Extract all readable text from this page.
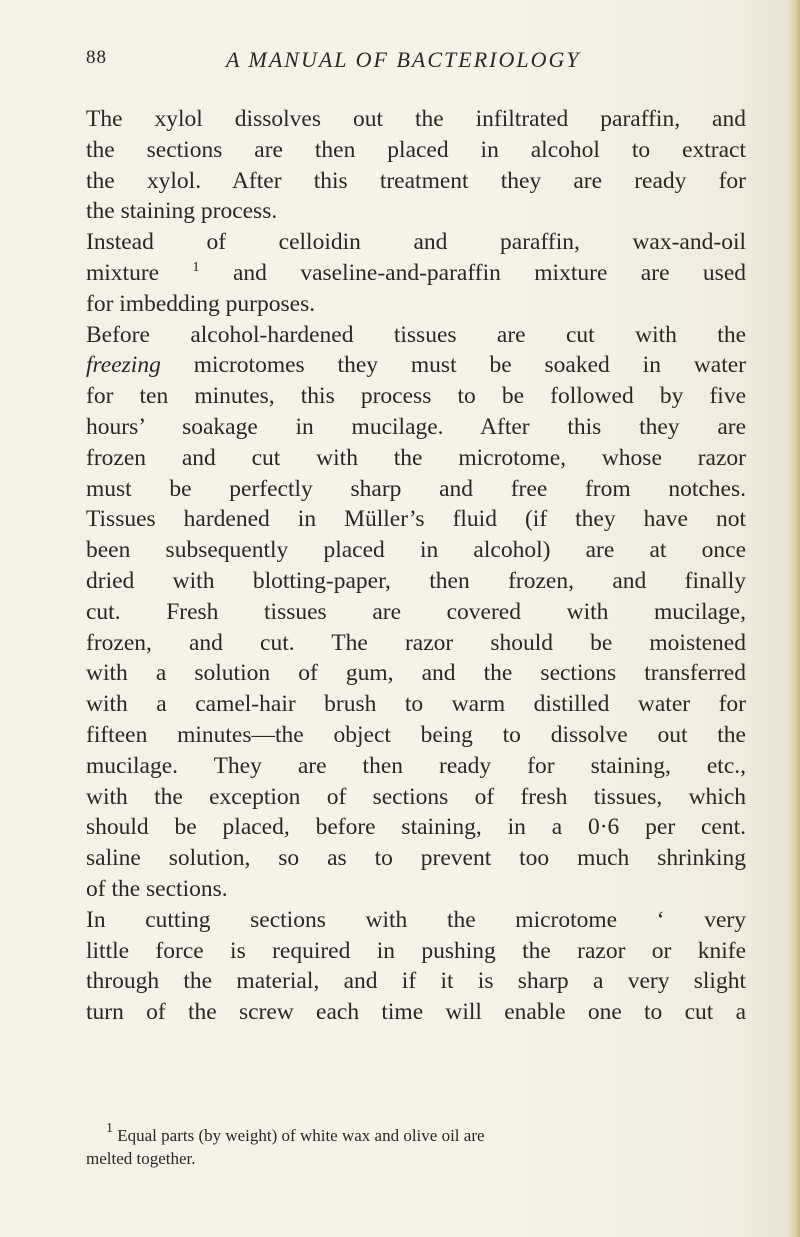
88	A MANUAL OF BACTERIOLOGY
The xylol dissolves out the infiltrated paraffin, and
the sections are then placed in alcohol to extract
the xylol. After this treatment they are ready for
the staining process.
Instead of celloidin and paraffin, wax-and-oil
mixture $^1$ and vaseline-and-paraffin mixture are used
for imbedding purposes.
Before alcohol-hardened tissues are cut with the
freezing microtomes they must be soaked in water
for ten minutes, this process to be followed by five
hours’ soakage in mucilage. After this they are
frozen and cut with the microtome, whose razor
must be perfectly sharp and free from notches.
Tissues hardened in Müller’s fluid (if they have not
been subsequently placed in alcohol) are at once
dried with blotting-paper, then frozen, and finally
cut. Fresh tissues are covered with mucilage,
frozen, and cut. The razor should be moistened
with a solution of gum, and the sections transferred
with a camel-hair brush to warm distilled water for
fifteen minutes—the object being to dissolve out the
mucilage. They are then ready for staining, etc.,
with the exception of sections of fresh tissues, which
should be placed, before staining, in a 0·6 per cent.
saline solution, so as to prevent too much shrinking
of the sections.
In cutting sections with the microtome ‘ very
little force is required in pushing the razor or knife
through the material, and if it is sharp a very slight
turn of the screw each time will enable one to cut a
$^1$ Equal parts (by weight) of white wax and olive oil are
melted together.
